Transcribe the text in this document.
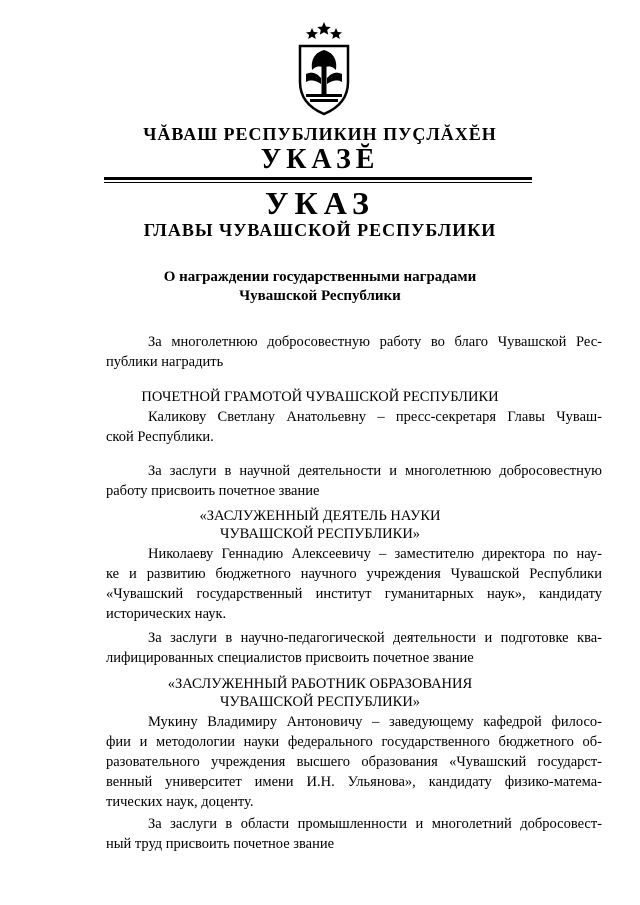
ЧĂВАШ РЕСПУБЛИКИН ПУҪЛĂХĔН
УКАЗĔ
УКАЗ
ГЛАВЫ ЧУВАШСКОЙ РЕСПУБЛИКИ
О награждении государственными наградами
Чувашской Республики
За многолетнюю добросовестную работу во благо Чувашской Рес-
публики наградить
ПОЧЕТНОЙ ГРАМОТОЙ ЧУВАШСКОЙ РЕСПУБЛИКИ
Каликову Светлану Анатольевну – пресс-секретаря Главы Чуваш-
ской Республики.
За заслуги в научной деятельности и многолетнюю добросовестную
работу присвоить почетное звание
«ЗАСЛУЖЕННЫЙ ДЕЯТЕЛЬ НАУКИ
ЧУВАШСКОЙ РЕСПУБЛИКИ»
Николаеву Геннадию Алексеевичу – заместителю директора по нау-
ке и развитию бюджетного научного учреждения Чувашской Республики
«Чувашский государственный институт гуманитарных наук», кандидату
исторических наук.
За заслуги в научно-педагогической деятельности и подготовке ква-
лифицированных специалистов присвоить почетное звание
«ЗАСЛУЖЕННЫЙ РАБОТНИК ОБРАЗОВАНИЯ
ЧУВАШСКОЙ РЕСПУБЛИКИ»
Мукину Владимиру Антоновичу – заведующему кафедрой филосо-
фии и методологии науки федерального государственного бюджетного об-
разовательного учреждения высшего образования «Чувашский государст-
венный университет имени И.Н. Ульянова», кандидату физико-матема-
тических наук, доценту.
За заслуги в области промышленности и многолетний добросовест-
ный труд присвоить почетное звание
